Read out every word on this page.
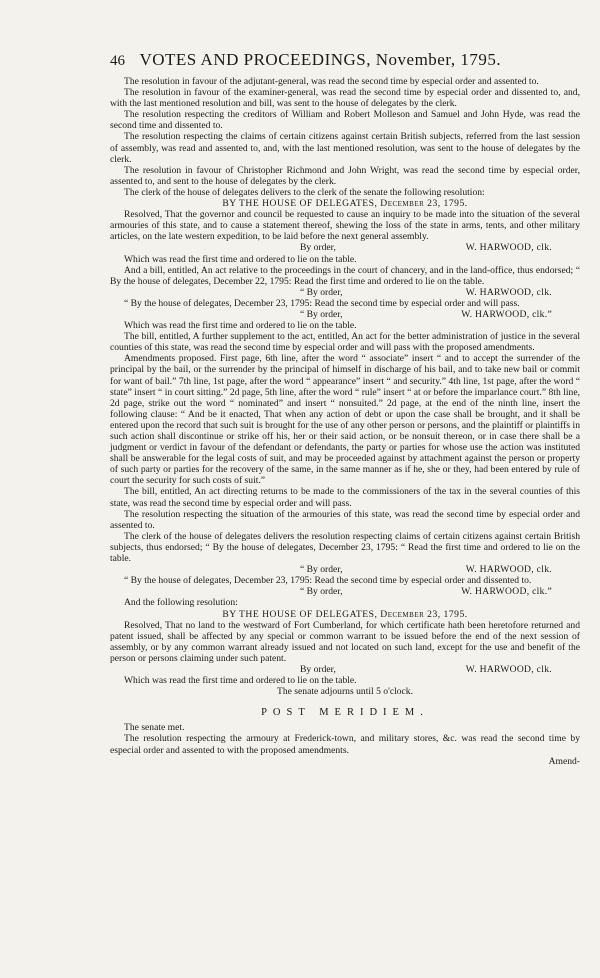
46 VOTES AND PROCEEDINGS, November, 1795.

The resolution in favour of the adjutant-general, was read the second time by especial order and assented to.

The resolution in favour of the examiner-general, was read the second time by especial order and dissented to, and, with the last mentioned resolution and bill, was sent to the house of delegates by the clerk.

The resolution respecting the creditors of William and Robert Molleson and Samuel and John Hyde, was read the second time and dissented to.

The resolution respecting the claims of certain citizens against certain British subjects, referred from the last session of assembly, was read and assented to, and, with the last mentioned resolution, was sent to the house of delegates by the clerk.

The resolution in favour of Christopher Richmond and John Wright, was read the second time by especial order, assented to, and sent to the house of delegates by the clerk.

The clerk of the house of delegates delivers to the clerk of the senate the following resolution:

BY THE HOUSE OF DELEGATES, December 23, 1795.

Resolved, That the governor and council be requested to cause an inquiry to be made into the situation of the several armouries of this state, and to cause a statement thereof, shewing the loss of the state in arms, tents, and other military articles, on the late western expedition, to be laid before the next general assembly.

By order,	W. HARWOOD, clk.

Which was read the first time and ordered to lie on the table.

And a bill, entitled, An act relative to the proceedings in the court of chancery, and in the land-office, thus endorsed; “ By the house of delegates, December 22, 1795: Read the first time and ordered to lie on the table.

“ By order,	W. HARWOOD, clk.

“ By the house of delegates, December 23, 1795: Read the second time by especial order and will pass.

“ By order,	W. HARWOOD, clk.”

Which was read the first time and ordered to lie on the table.

The bill, entitled, A further supplement to the act, entitled, An act for the better administration of justice in the several counties of this state, was read the second time by especial order and will pass with the proposed amendments.

Amendments proposed. First page, 6th line, after the word “ associate” insert “ and to accept the surrender of the principal by the bail, or the surrender by the principal of himself in discharge of his bail, and to take new bail or commit for want of bail.” 7th line, 1st page, after the word “ appearance” insert “ and security.” 4th line, 1st page, after the word “ state” insert “ in court sitting.” 2d page, 5th line, after the word “ rule” insert “ at or before the imparlance court.” 8th line, 2d page, strike out the word “ nominated” and insert “ nonsuited.” 2d page, at the end of the ninth line, insert the following clause: “ And be it enacted, That when any action of debt or upon the case shall be brought, and it shall be entered upon the record that such suit is brought for the use of any other person or persons, and the plaintiff or plaintiffs in such action shall discontinue or strike off his, her or their said action, or be nonsuit thereon, or in case there shall be a judgment or verdict in favour of the defendant or defendants, the party or parties for whose use the action was instituted shall be answerable for the legal costs of suit, and may be proceeded against by attachment against the person or property of such party or parties for the recovery of the same, in the same manner as if he, she or they, had been entered by rule of court the security for such costs of suit.”

The bill, entitled, An act directing returns to be made to the commissioners of the tax in the several counties of this state, was read the second time by especial order and will pass.

The resolution respecting the situation of the armouries of this state, was read the second time by especial order and assented to.

The clerk of the house of delegates delivers the resolution respecting claims of certain citizens against certain British subjects, thus endorsed; “ By the house of delegates, December 23, 1795: “ Read the first time and ordered to lie on the table.

“ By order,	W. HARWOOD, clk.

“ By the house of delegates, December 23, 1795: Read the second time by especial order and dissented to.

“ By order,	W. HARWOOD, clk.”

And the following resolution:

BY THE HOUSE OF DELEGATES, December 23, 1795.

Resolved, That no land to the westward of Fort Cumberland, for which certificate hath been heretofore returned and patent issued, shall be affected by any special or common warrant to be issued before the end of the next session of assembly, or by any common warrant already issued and not located on such land, except for the use and benefit of the person or persons claiming under such patent.

By order,	W. HARWOOD, clk.

Which was read the first time and ordered to lie on the table.

The senate adjourns until 5 o'clock.

POST MERIDIEM.

The senate met.

The resolution respecting the armoury at Frederick-town, and military stores, &c. was read the second time by especial order and assented to with the proposed amendments.

Amend-
